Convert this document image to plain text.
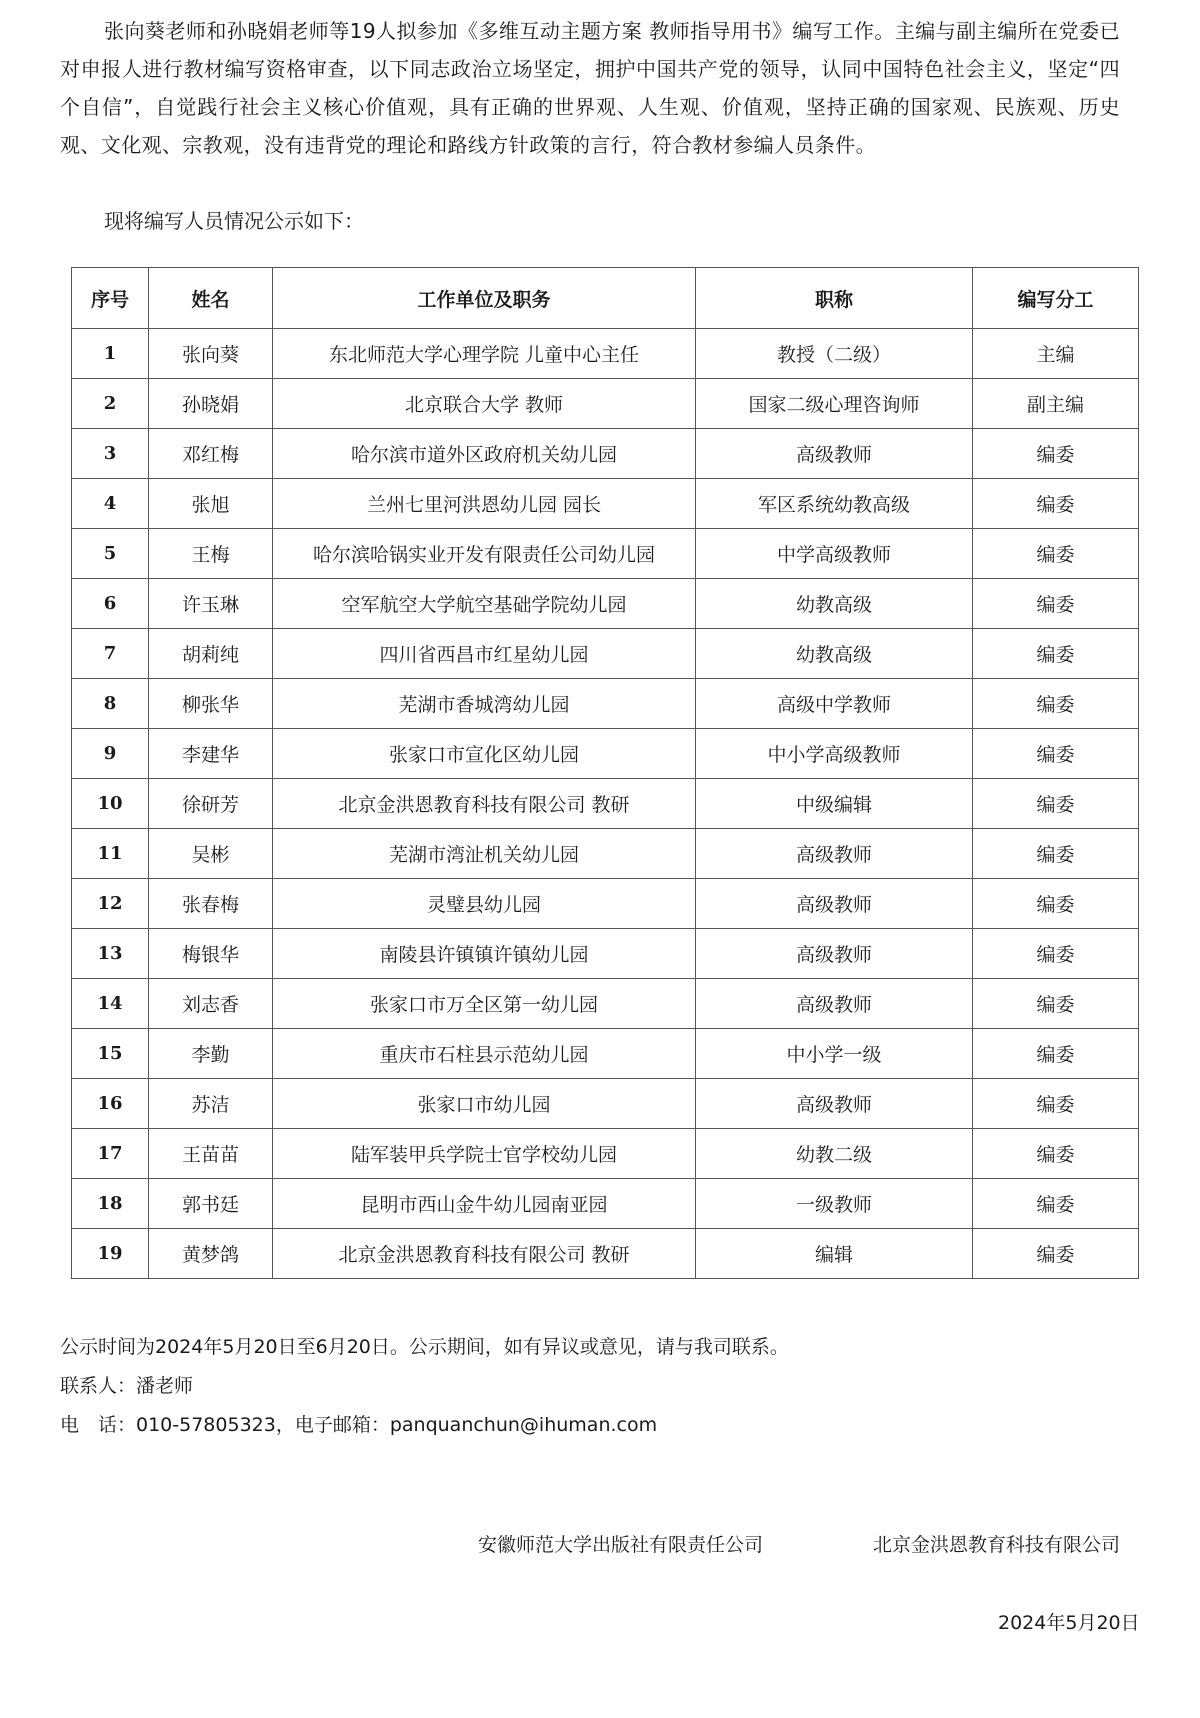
张向葵老师和孙晓娟老师等19人拟参加《多维互动主题方案 教师指导用书》编写工作。主编与副主编所在党委已对申报人进行教材编写资格审查，以下同志政治立场坚定，拥护中国共产党的领导，认同中国特色社会主义，坚定“四个自信”，自觉践行社会主义核心价值观，具有正确的世界观、人生观、价值观，坚持正确的国家观、民族观、历史观、文化观、宗教观，没有违背党的理论和路线方针政策的言行，符合教材参编人员条件。

现将编写人员情况公示如下：

序号	姓名	工作单位及职务	职称	编写分工
1	张向葵	东北师范大学心理学院 儿童中心主任	教授（二级）	主编
2	孙晓娟	北京联合大学 教师	国家二级心理咨询师	副主编
3	邓红梅	哈尔滨市道外区政府机关幼儿园	高级教师	编委
4	张旭	兰州七里河洪恩幼儿园 园长	军区系统幼教高级	编委
5	王梅	哈尔滨哈锅实业开发有限责任公司幼儿园	中学高级教师	编委
6	许玉琳	空军航空大学航空基础学院幼儿园	幼教高级	编委
7	胡莉纯	四川省西昌市红星幼儿园	幼教高级	编委
8	柳张华	芜湖市香城湾幼儿园	高级中学教师	编委
9	李建华	张家口市宣化区幼儿园	中小学高级教师	编委
10	徐研芳	北京金洪恩教育科技有限公司 教研	中级编辑	编委
11	吴彬	芜湖市湾沚机关幼儿园	高级教师	编委
12	张春梅	灵璧县幼儿园	高级教师	编委
13	梅银华	南陵县许镇镇许镇幼儿园	高级教师	编委
14	刘志香	张家口市万全区第一幼儿园	高级教师	编委
15	李勤	重庆市石柱县示范幼儿园	中小学一级	编委
16	苏洁	张家口市幼儿园	高级教师	编委
17	王苗苗	陆军装甲兵学院士官学校幼儿园	幼教二级	编委
18	郭书廷	昆明市西山金牛幼儿园南亚园	一级教师	编委
19	黄梦鸽	北京金洪恩教育科技有限公司 教研	编辑	编委

公示时间为2024年5月20日至6月20日。公示期间，如有异议或意见，请与我司联系。

联系人：潘老师

电　话：010-57805323，电子邮箱：panquanchun@ihuman.com

安徽师范大学出版社有限责任公司	北京金洪恩教育科技有限公司

2024年5月20日
